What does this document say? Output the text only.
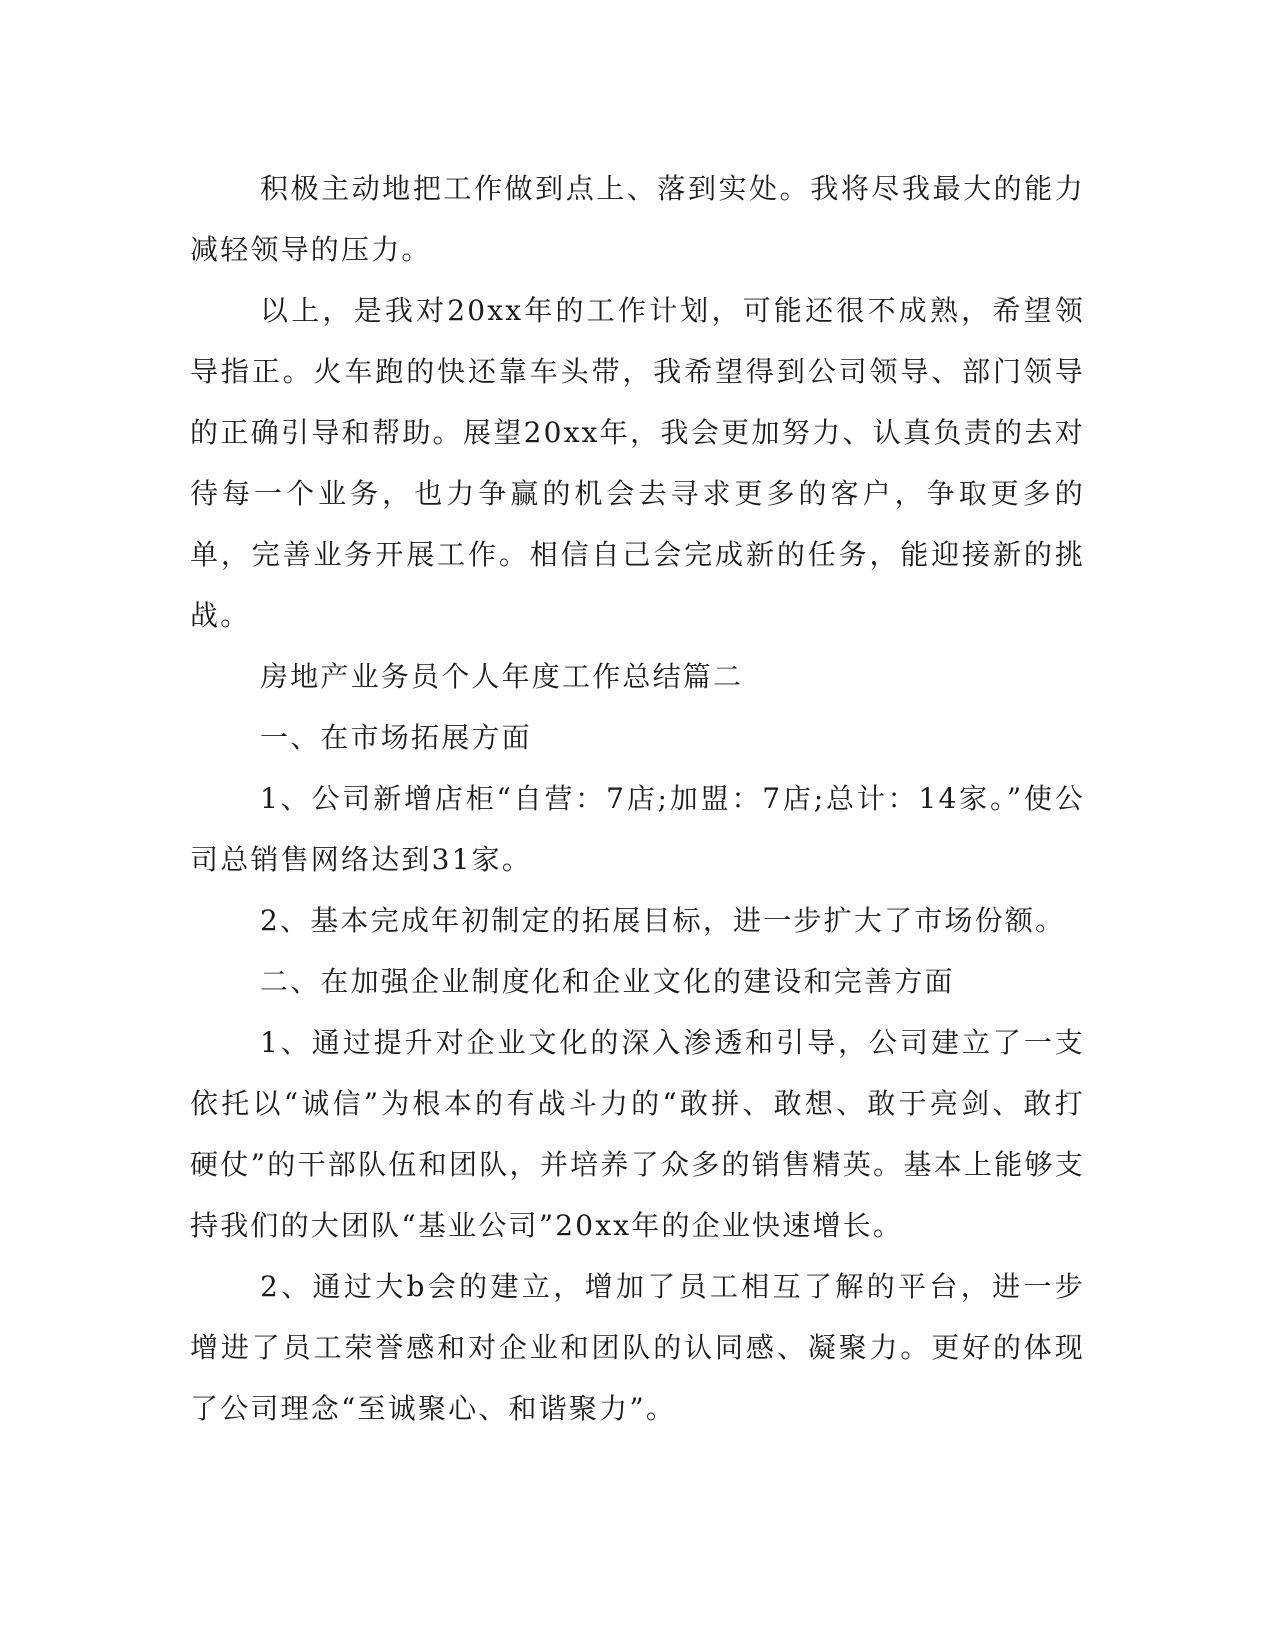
积极主动地把工作做到点上、落到实处。我将尽我最大的能力减轻领导的压力。

以上，是我对20xx年的工作计划，可能还很不成熟，希望领导指正。火车跑的快还靠车头带，我希望得到公司领导、部门领导的正确引导和帮助。展望20xx年，我会更加努力、认真负责的去对待每一个业务，也力争赢的机会去寻求更多的客户，争取更多的单，完善业务开展工作。相信自己会完成新的任务，能迎接新的挑战。

房地产业务员个人年度工作总结篇二

一、在市场拓展方面

1、公司新增店柜“自营：7店;加盟：7店;总计：14家。”使公司总销售网络达到31家。

2、基本完成年初制定的拓展目标，进一步扩大了市场份额。

二、在加强企业制度化和企业文化的建设和完善方面

1、通过提升对企业文化的深入渗透和引导，公司建立了一支依托以“诚信”为根本的有战斗力的“敢拼、敢想、敢于亮剑、敢打硬仗”的干部队伍和团队，并培养了众多的销售精英。基本上能够支持我们的大团队“基业公司”20xx年的企业快速增长。

2、通过大b会的建立，增加了员工相互了解的平台，进一步增进了员工荣誉感和对企业和团队的认同感、凝聚力。更好的体现了公司理念“至诚聚心、和谐聚力”。
